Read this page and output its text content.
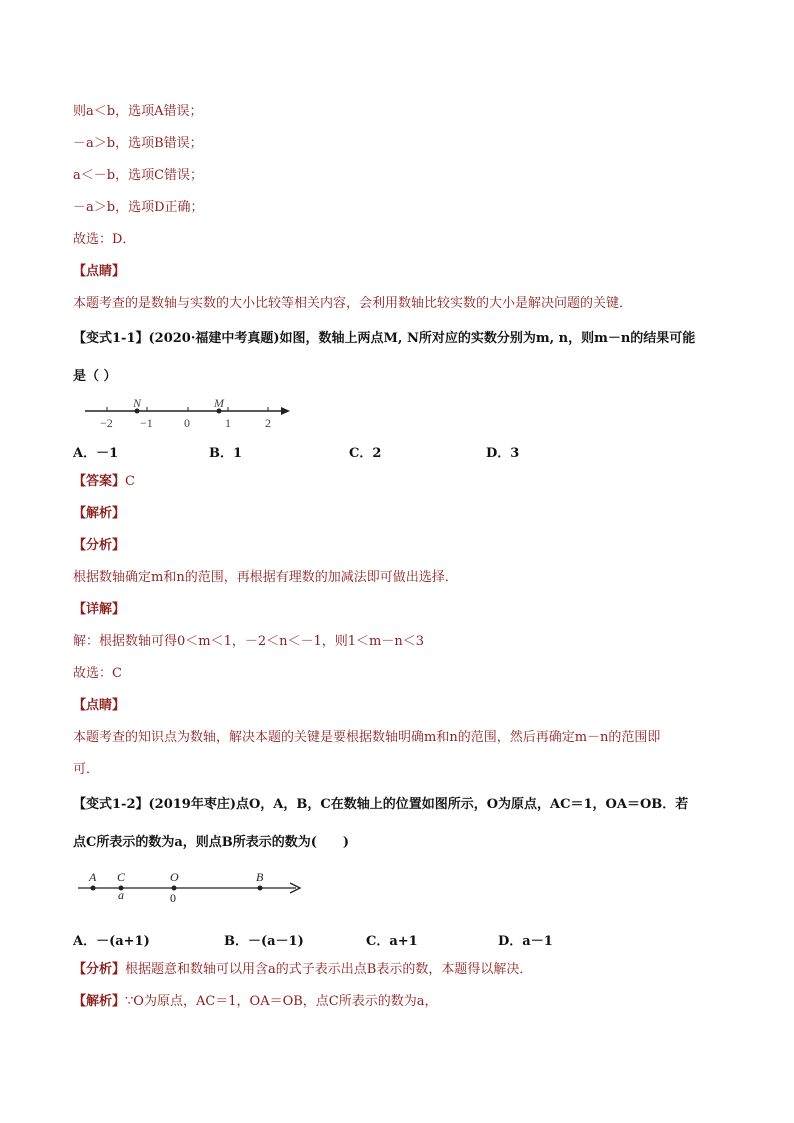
则a＜b，选项A错误；
－a＞b，选项B错误；
a＜－b，选项C错误；
－a＞b，选项D正确；
故选：D．
【点睛】
本题考查的是数轴与实数的大小比较等相关内容，会利用数轴比较实数的大小是解决问题的关键．
【变式1-1】(2020·福建中考真题)如图，数轴上两点M, N所对应的实数分别为m, n，则m－n的结果可能
是（ ）
−2 −1	0	1	2
N	M
A．－1	B．1	C．2	D．3
【答案】C
【解析】
【分析】
根据数轴确定m和n的范围，再根据有理数的加减法即可做出选择．
【详解】
解：根据数轴可得0＜m＜1，－2＜n＜－1，则1＜m－n＜3
故选：C
【点睛】
本题考查的知识点为数轴，解决本题的关键是要根据数轴明确m和n的范围，然后再确定m－n的范围即
可．
【变式1-2】(2019年枣庄)点O，A，B，C在数轴上的位置如图所示，O为原点，AC＝1，OA＝OB．若
点C所表示的数为a，则点B所表示的数为(　　)
A C	O	B
a	0
A．－(a+1)	B．－(a－1)	C．a+1	D．a－1
【分析】根据题意和数轴可以用含a的式子表示出点B表示的数，本题得以解决．
【解析】∵O为原点，AC＝1，OA＝OB，点C所表示的数为a，
